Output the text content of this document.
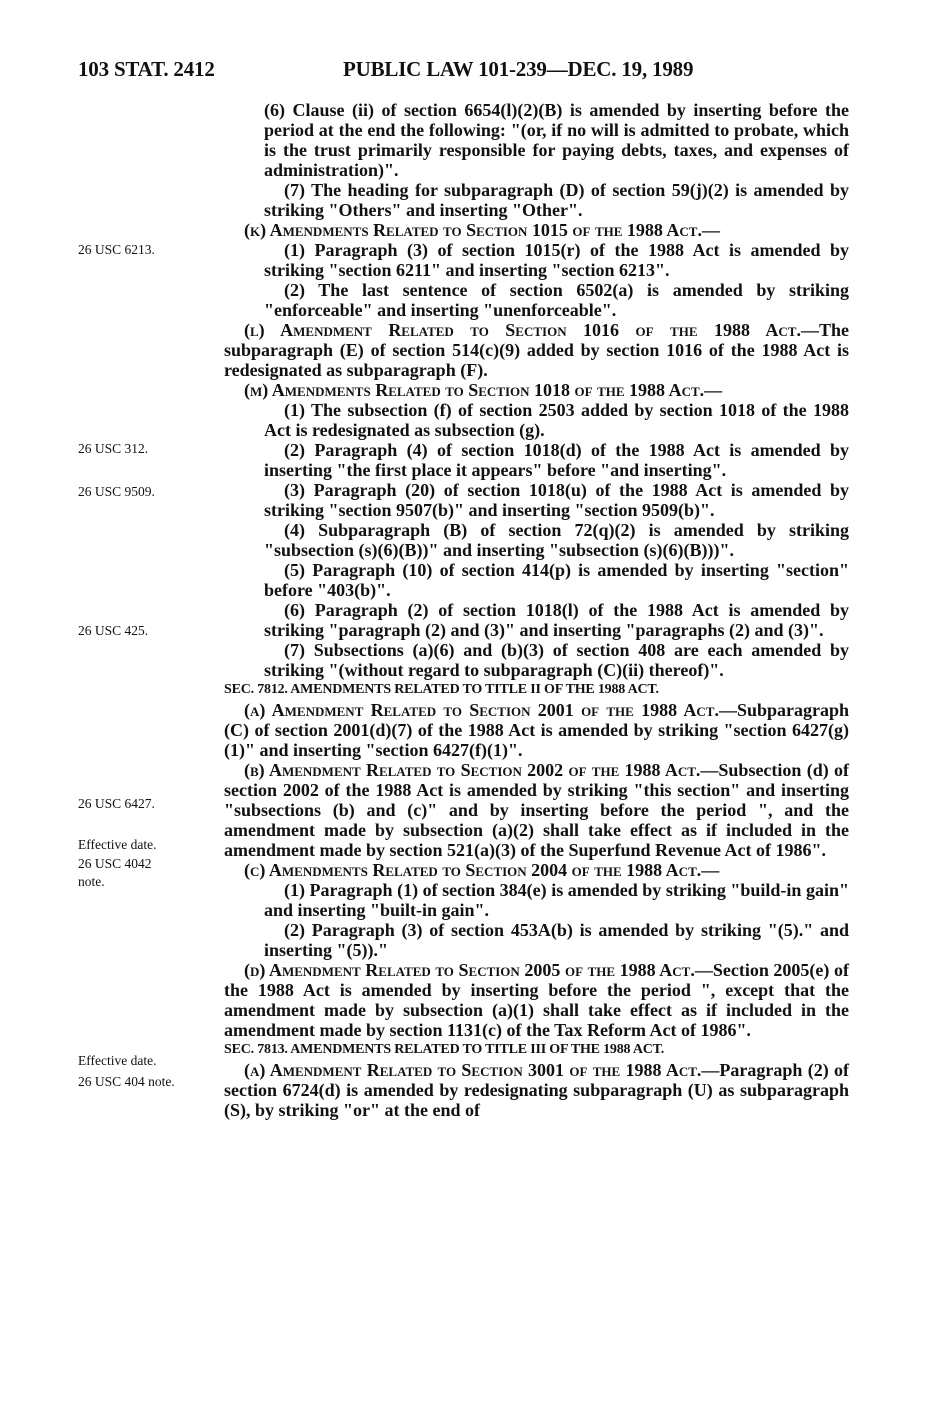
103 STAT. 2412	PUBLIC LAW 101-239—DEC. 19, 1989
26 USC 6213.
26 USC 312.
26 USC 9509.
26 USC 425.
26 USC 6427.
Effective date.
26 USC 4042
note.
Effective date.
26 USC 404 note.

(6) Clause (ii) of section 6654(l)(2)(B) is amended by inserting before the period at the end the following: "(or, if no will is admitted to probate, which is the trust primarily responsible for paying debts, taxes, and expenses of administration)".

(7) The heading for subparagraph (D) of section 59(j)(2) is amended by striking "Others" and inserting "Other".

(k) Amendments Related to Section 1015 of the 1988 Act.—

(1) Paragraph (3) of section 1015(r) of the 1988 Act is amended by striking "section 6211" and inserting "section 6213".

(2) The last sentence of section 6502(a) is amended by striking "enforceable" and inserting "unenforceable".

(l) Amendment Related to Section 1016 of the 1988 Act.—The subparagraph (E) of section 514(c)(9) added by section 1016 of the 1988 Act is redesignated as subparagraph (F).

(m) Amendments Related to Section 1018 of the 1988 Act.—

(1) The subsection (f) of section 2503 added by section 1018 of the 1988 Act is redesignated as subsection (g).

(2) Paragraph (4) of section 1018(d) of the 1988 Act is amended by inserting "the first place it appears" before "and inserting".

(3) Paragraph (20) of section 1018(u) of the 1988 Act is amended by striking "section 9507(b)" and inserting "section 9509(b)".

(4) Subparagraph (B) of section 72(q)(2) is amended by striking "subsection (s)(6)(B))" and inserting "subsection (s)(6)(B)))".

(5) Paragraph (10) of section 414(p) is amended by inserting "section" before "403(b)".

(6) Paragraph (2) of section 1018(l) of the 1988 Act is amended by striking "paragraph (2) and (3)" and inserting "paragraphs (2) and (3)".

(7) Subsections (a)(6) and (b)(3) of section 408 are each amended by striking "(without regard to subparagraph (C)(ii) thereof)".

SEC. 7812. AMENDMENTS RELATED TO TITLE II OF THE 1988 ACT.

(a) Amendment Related to Section 2001 of the 1988 Act.—Subparagraph (C) of section 2001(d)(7) of the 1988 Act is amended by striking "section 6427(g)(1)" and inserting "section 6427(f)(1)".

(b) Amendment Related to Section 2002 of the 1988 Act.—Subsection (d) of section 2002 of the 1988 Act is amended by striking "this section" and inserting "subsections (b) and (c)" and by inserting before the period ", and the amendment made by subsection (a)(2) shall take effect as if included in the amendment made by section 521(a)(3) of the Superfund Revenue Act of 1986".

(c) Amendments Related to Section 2004 of the 1988 Act.—

(1) Paragraph (1) of section 384(e) is amended by striking "build-in gain" and inserting "built-in gain".

(2) Paragraph (3) of section 453A(b) is amended by striking "(5)." and inserting "(5))."

(d) Amendment Related to Section 2005 of the 1988 Act.—Section 2005(e) of the 1988 Act is amended by inserting before the period ", except that the amendment made by subsection (a)(1) shall take effect as if included in the amendment made by section 1131(c) of the Tax Reform Act of 1986".

SEC. 7813. AMENDMENTS RELATED TO TITLE III OF THE 1988 ACT.

(a) Amendment Related to Section 3001 of the 1988 Act.—Paragraph (2) of section 6724(d) is amended by redesignating subparagraph (U) as subparagraph (S), by striking "or" at the end of
